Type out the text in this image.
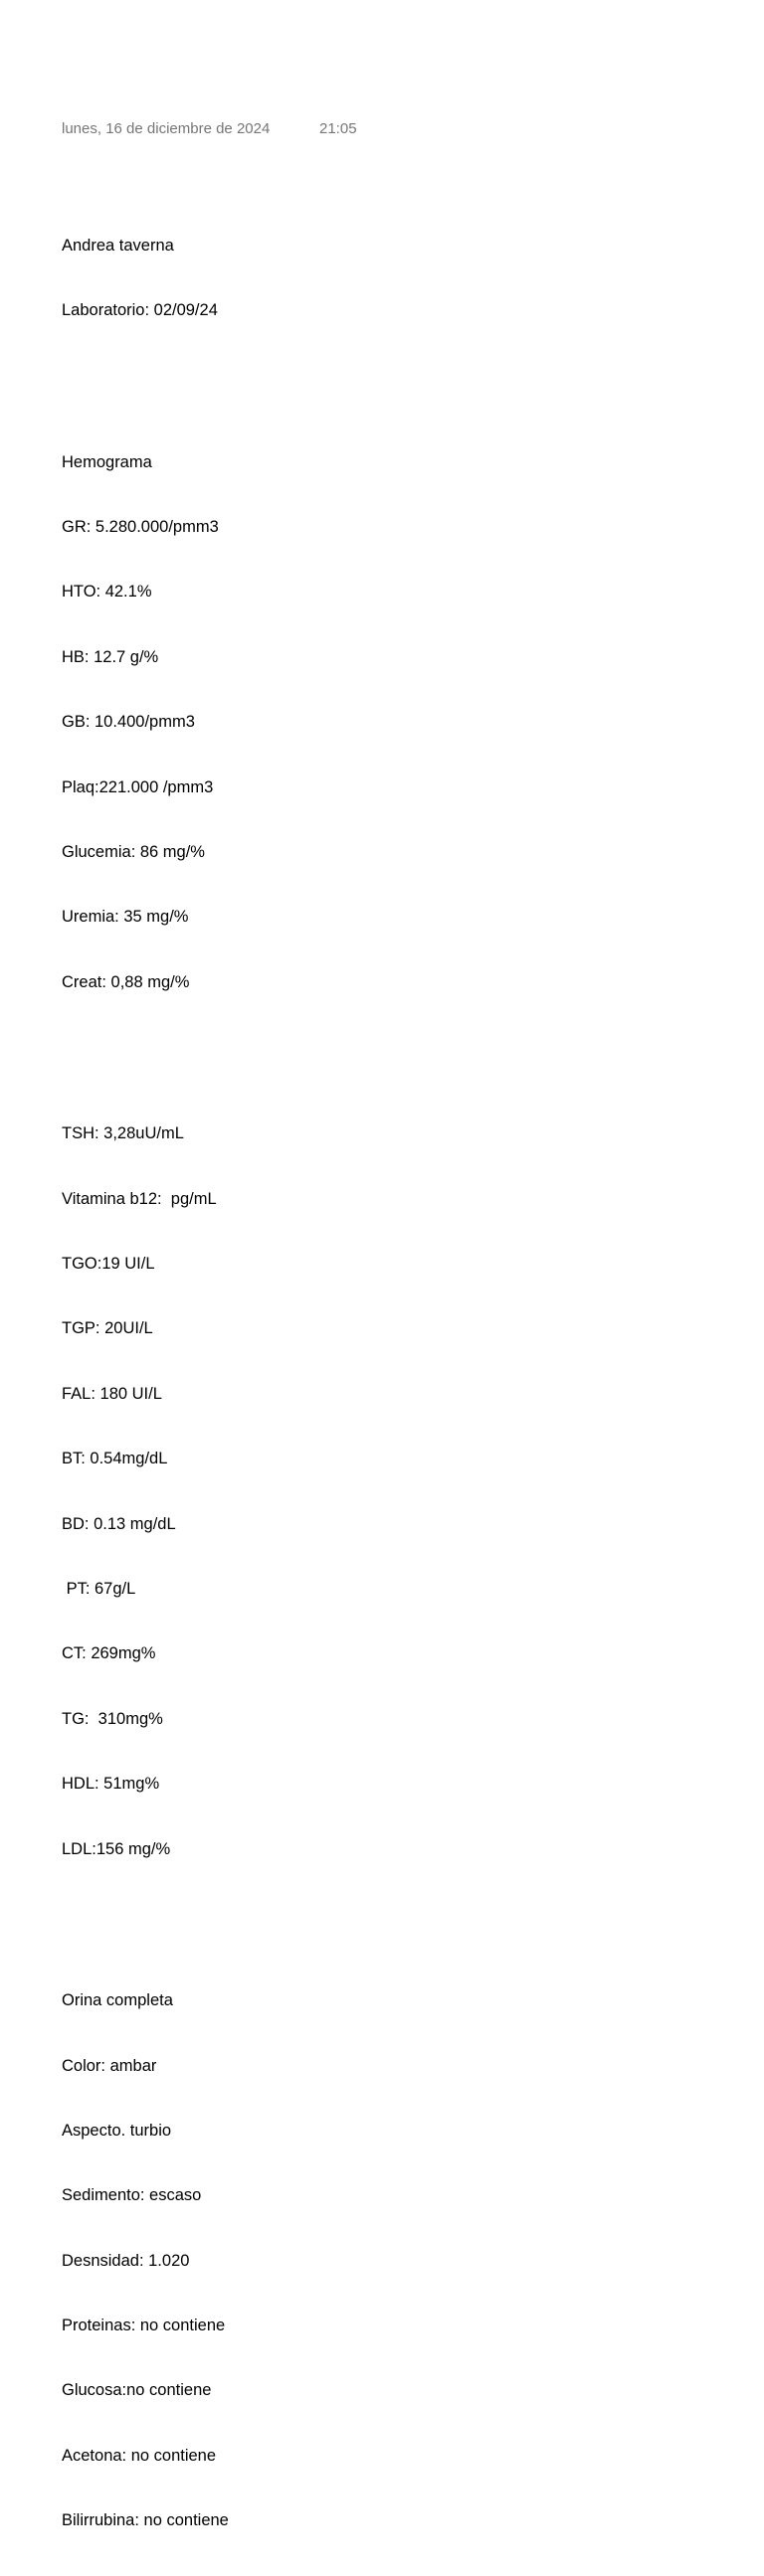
lunes, 16 de diciembre de 2024	21:05

Andrea taverna

Laboratorio: 02/09/24

Hemograma

GR: 5.280.000/pmm3

HTO: 42.1%

HB: 12.7 g/%

GB: 10.400/pmm3

Plaq:221.000 /pmm3

Glucemia: 86 mg/%

Uremia: 35 mg/%

Creat: 0,88 mg/%

TSH: 3,28uU/mL

Vitamina b12:  pg/mL

TGO:19 UI/L

TGP: 20UI/L

FAL: 180 UI/L

BT: 0.54mg/dL

BD: 0.13 mg/dL

PT: 67g/L

CT: 269mg%

TG:  310mg%

HDL: 51mg%

LDL:156 mg/%

Orina completa

Color: ambar

Aspecto. turbio

Sedimento: escaso

Desnsidad: 1.020

Proteinas: no contiene

Glucosa:no contiene

Acetona: no contiene

Bilirrubina: no contiene
